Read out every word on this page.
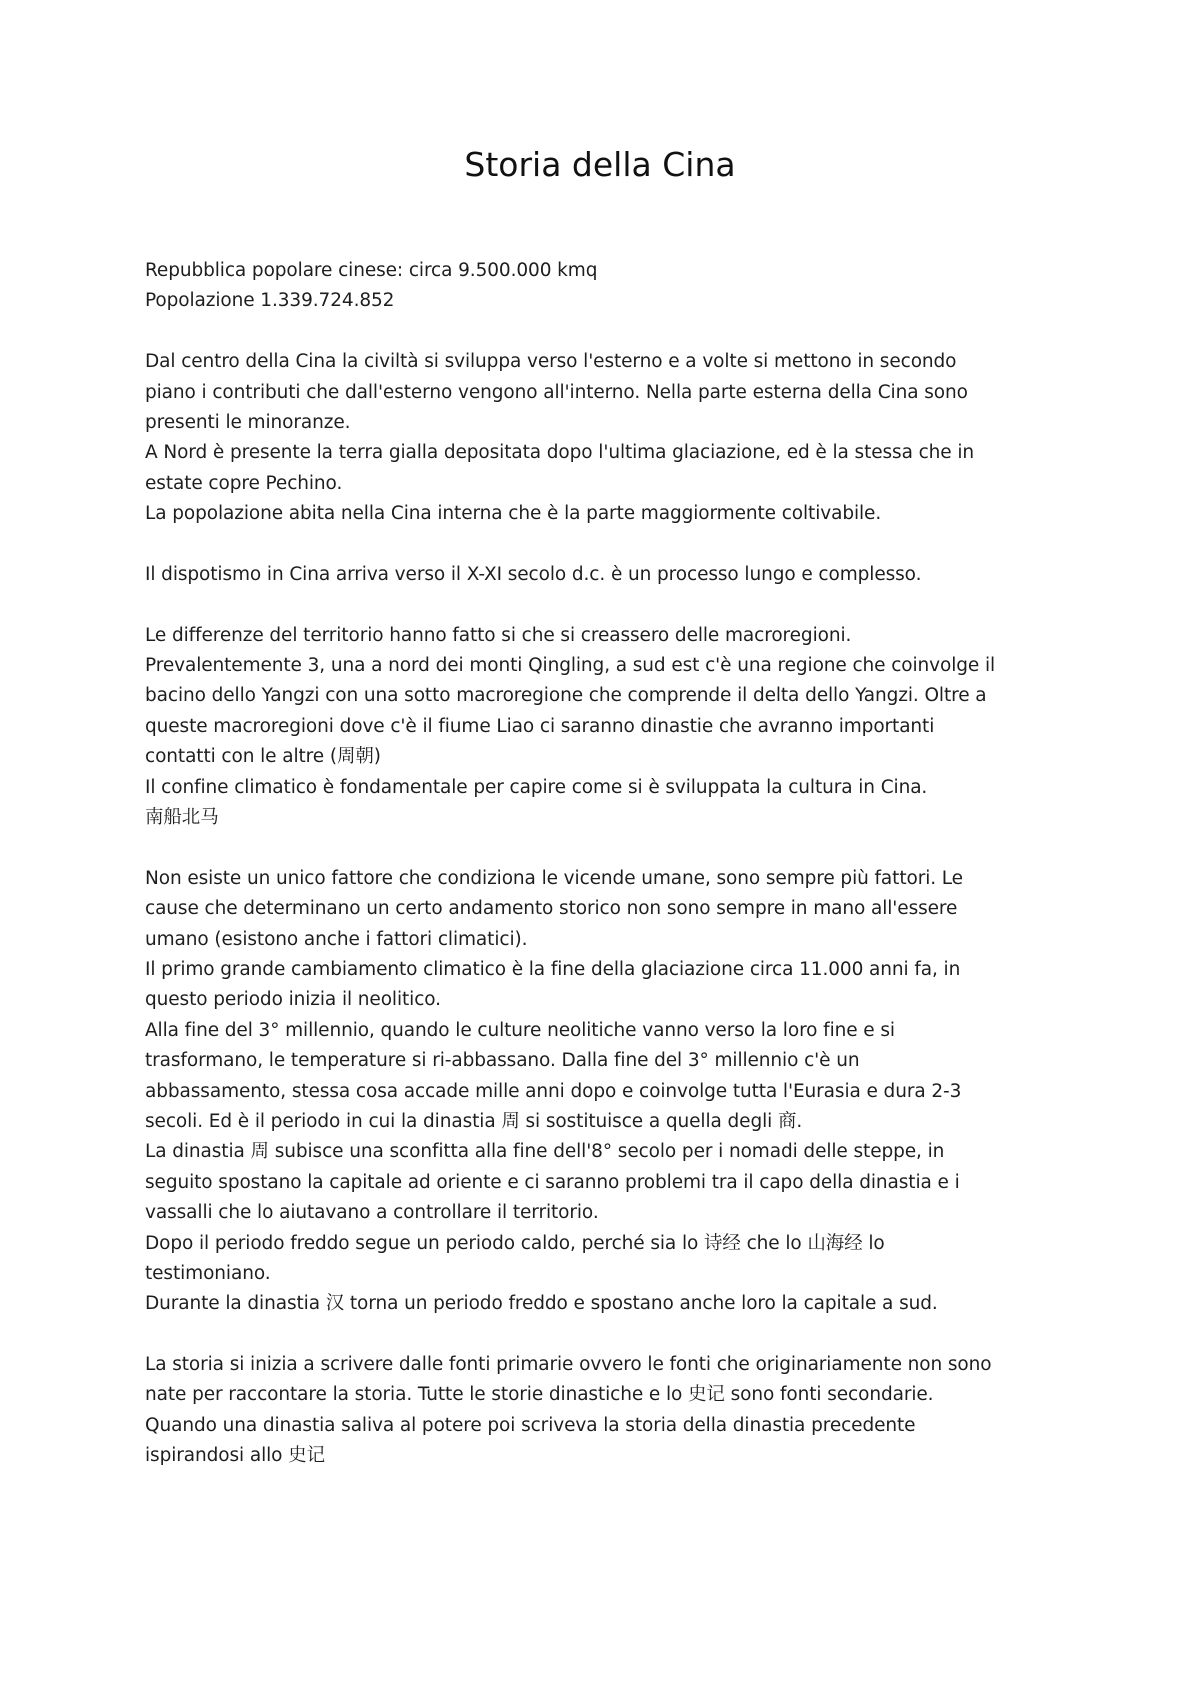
Storia della Cina
Repubblica popolare cinese: circa 9.500.000 kmq
Popolazione 1.339.724.852
Dal centro della Cina la civiltà si sviluppa verso l'esterno e a volte si mettono in secondo
piano i contributi che dall'esterno vengono all'interno. Nella parte esterna della Cina sono
presenti le minoranze.
A Nord è presente la terra gialla depositata dopo l'ultima glaciazione, ed è la stessa che in
estate copre Pechino.
La popolazione abita nella Cina interna che è la parte maggiormente coltivabile.
Il dispotismo in Cina arriva verso il X-XI secolo d.c. è un processo lungo e complesso.
Le differenze del territorio hanno fatto si che si creassero delle macroregioni.
Prevalentemente 3, una a nord dei monti Qingling, a sud est c'è una regione che coinvolge il
bacino dello Yangzi con una sotto macroregione che comprende il delta dello Yangzi. Oltre a
queste macroregioni dove c'è il fiume Liao ci saranno dinastie che avranno importanti
contatti con le altre (周朝)
Il confine climatico è fondamentale per capire come si è sviluppata la cultura in Cina.
南船北马
Non esiste un unico fattore che condiziona le vicende umane, sono sempre più fattori. Le
cause che determinano un certo andamento storico non sono sempre in mano all'essere
umano (esistono anche i fattori climatici).
Il primo grande cambiamento climatico è la fine della glaciazione circa 11.000 anni fa, in
questo periodo inizia il neolitico.
Alla fine del 3° millennio, quando le culture neolitiche vanno verso la loro fine e si
trasformano, le temperature si ri-abbassano. Dalla fine del 3° millennio c'è un
abbassamento, stessa cosa accade mille anni dopo e coinvolge tutta l'Eurasia e dura 2-3
secoli. Ed è il periodo in cui la dinastia 周 si sostituisce a quella degli 商.
La dinastia 周 subisce una sconfitta alla fine dell'8° secolo per i nomadi delle steppe, in
seguito spostano la capitale ad oriente e ci saranno problemi tra il capo della dinastia e i
vassalli che lo aiutavano a controllare il territorio.
Dopo il periodo freddo segue un periodo caldo, perché sia lo 诗经 che lo 山海经 lo
testimoniano.
Durante la dinastia 汉 torna un periodo freddo e spostano anche loro la capitale a sud.
La storia si inizia a scrivere dalle fonti primarie ovvero le fonti che originariamente non sono
nate per raccontare la storia. Tutte le storie dinastiche e lo 史记 sono fonti secondarie.
Quando una dinastia saliva al potere poi scriveva la storia della dinastia precedente
ispirandosi allo 史记
